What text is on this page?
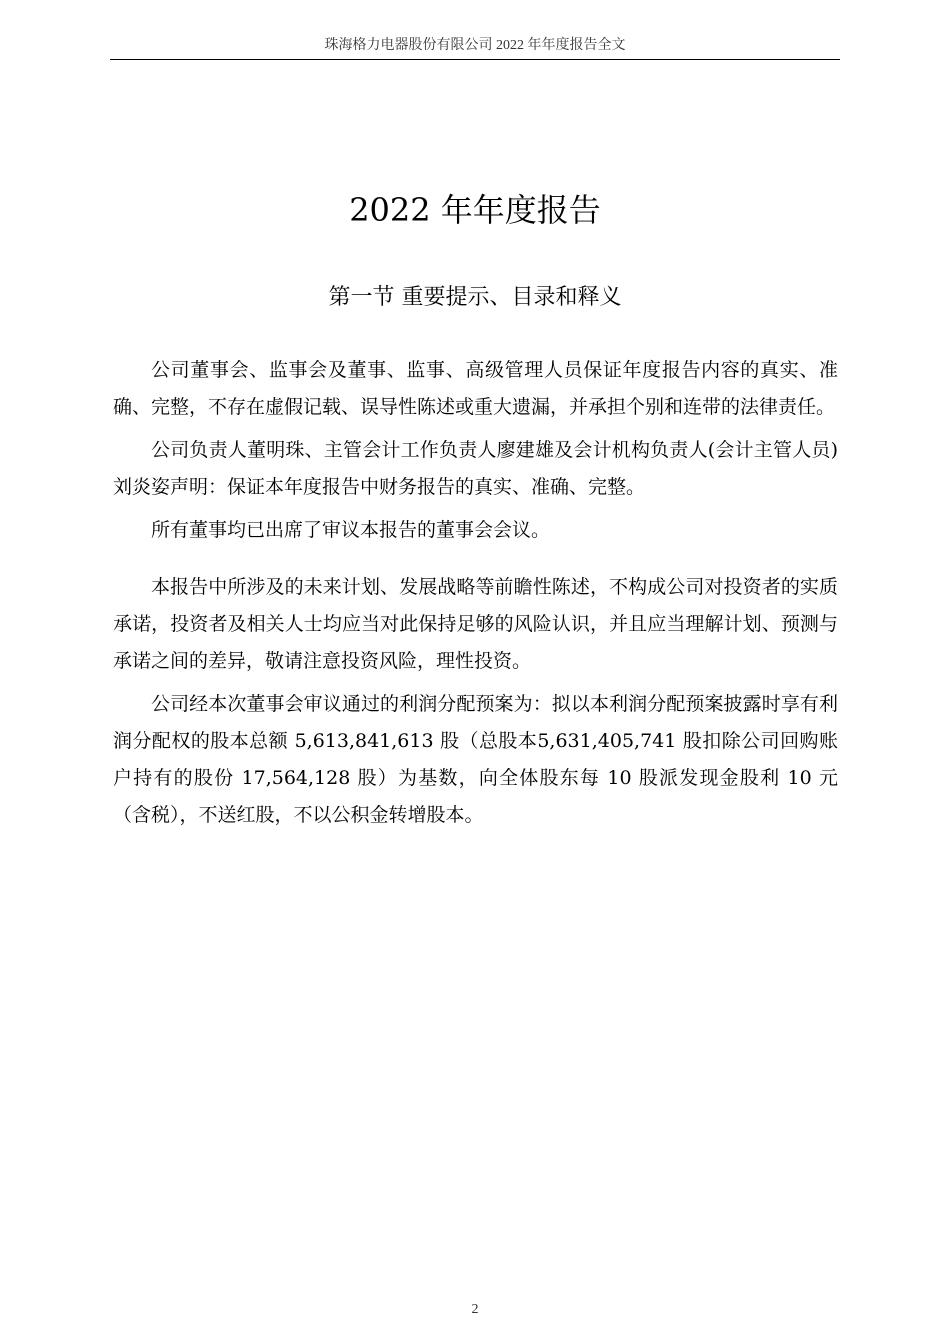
珠海格力电器股份有限公司 2022 年年度报告全文
2022 年年度报告
第一节 重要提示、目录和释义

公司董事会、监事会及董事、监事、高级管理人员保证年度报告内容的真实、准确、完整，不存在虚假记载、误导性陈述或重大遗漏，并承担个别和连带的法律责任。

公司负责人董明珠、主管会计工作负责人廖建雄及会计机构负责人(会计主管人员)刘炎姿声明：保证本年度报告中财务报告的真实、准确、完整。

所有董事均已出席了审议本报告的董事会会议。

本报告中所涉及的未来计划、发展战略等前瞻性陈述，不构成公司对投资者的实质承诺，投资者及相关人士均应当对此保持足够的风险认识，并且应当理解计划、预测与承诺之间的差异，敬请注意投资风险，理性投资。

公司经本次董事会审议通过的利润分配预案为：拟以本利润分配预案披露时享有利润分配权的股本总额 5,613,841,613 股（总股本5,631,405,741 股扣除公司回购账户持有的股份 17,564,128 股）为基数，向全体股东每 10 股派发现金股利 10 元（含税），不送红股，不以公积金转增股本。

2
